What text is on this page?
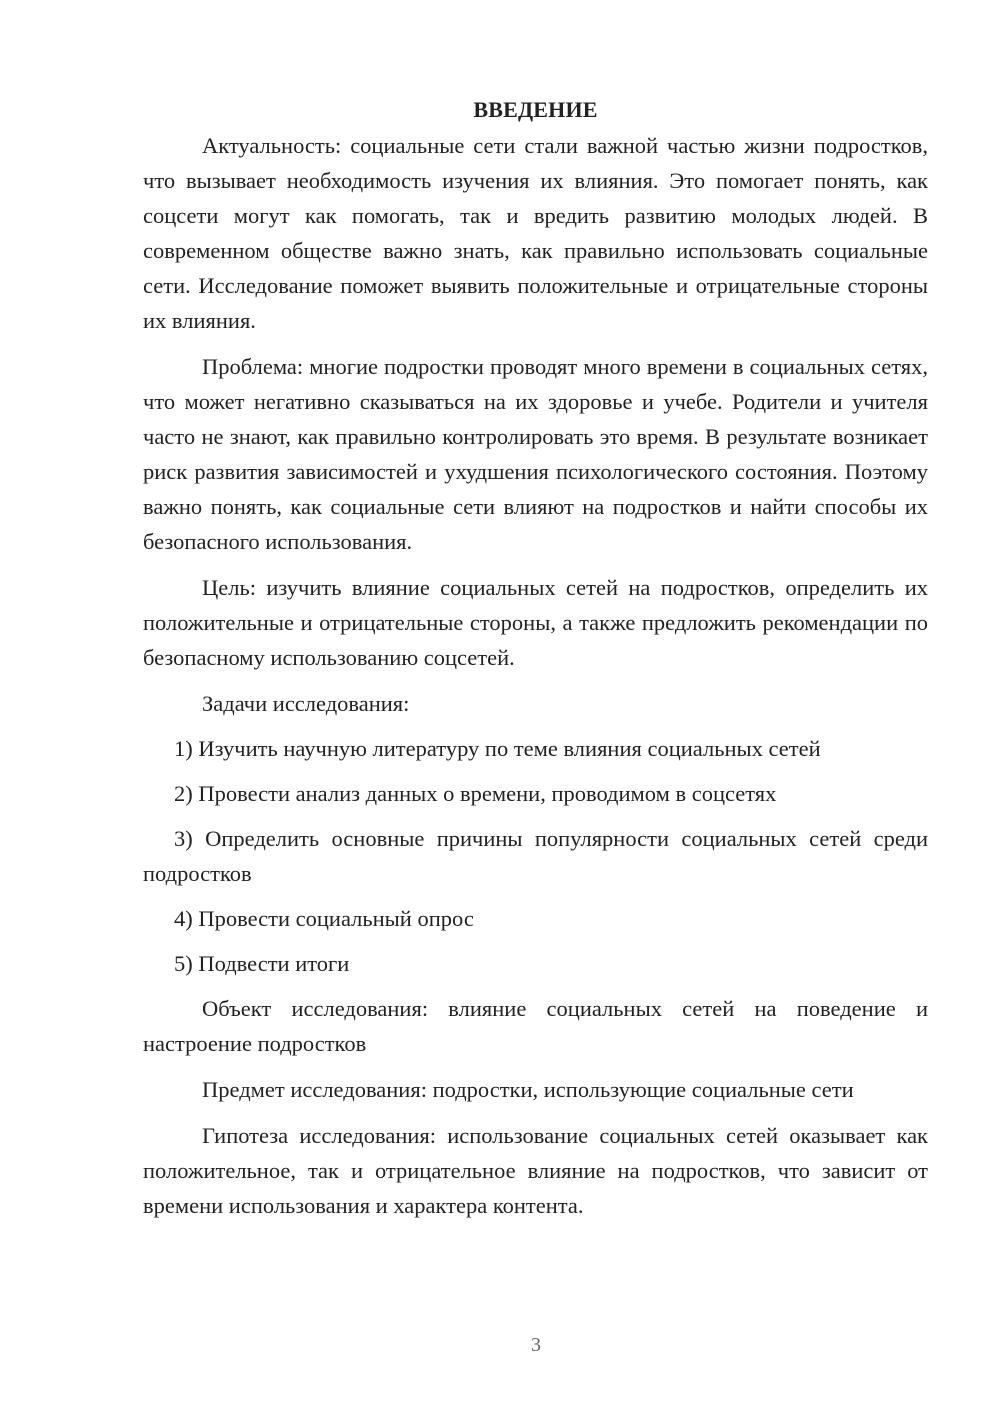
ВВЕДЕНИЕ

Актуальность: социальные сети стали важной частью жизни подростков, что вызывает необходимость изучения их влияния. Это помогает понять, как соцсети могут как помогать, так и вредить развитию молодых людей. В современном обществе важно знать, как правильно использовать социальные сети. Исследование поможет выявить положительные и отрицательные стороны их влияния.

Проблема: многие подростки проводят много времени в социальных сетях, что может негативно сказываться на их здоровье и учебе. Родители и учителя часто не знают, как правильно контролировать это время. В результате возникает риск развития зависимостей и ухудшения психологического состояния. Поэтому важно понять, как социальные сети влияют на подростков и найти способы их безопасного использования.

Цель: изучить влияние социальных сетей на подростков, определить их положительные и отрицательные стороны, а также предложить рекомендации по безопасному использованию соцсетей.

Задачи исследования:

1) Изучить научную литературу по теме влияния социальных сетей

2) Провести анализ данных о времени, проводимом в соцсетях

3) Определить основные причины популярности социальных сетей среди подростков

4) Провести социальный опрос

5) Подвести итоги

Объект исследования: влияние социальных сетей на поведение и настроение подростков

Предмет исследования: подростки, использующие социальные сети

Гипотеза исследования: использование социальных сетей оказывает как положительное, так и отрицательное влияние на подростков, что зависит от времени использования и характера контента.

3
